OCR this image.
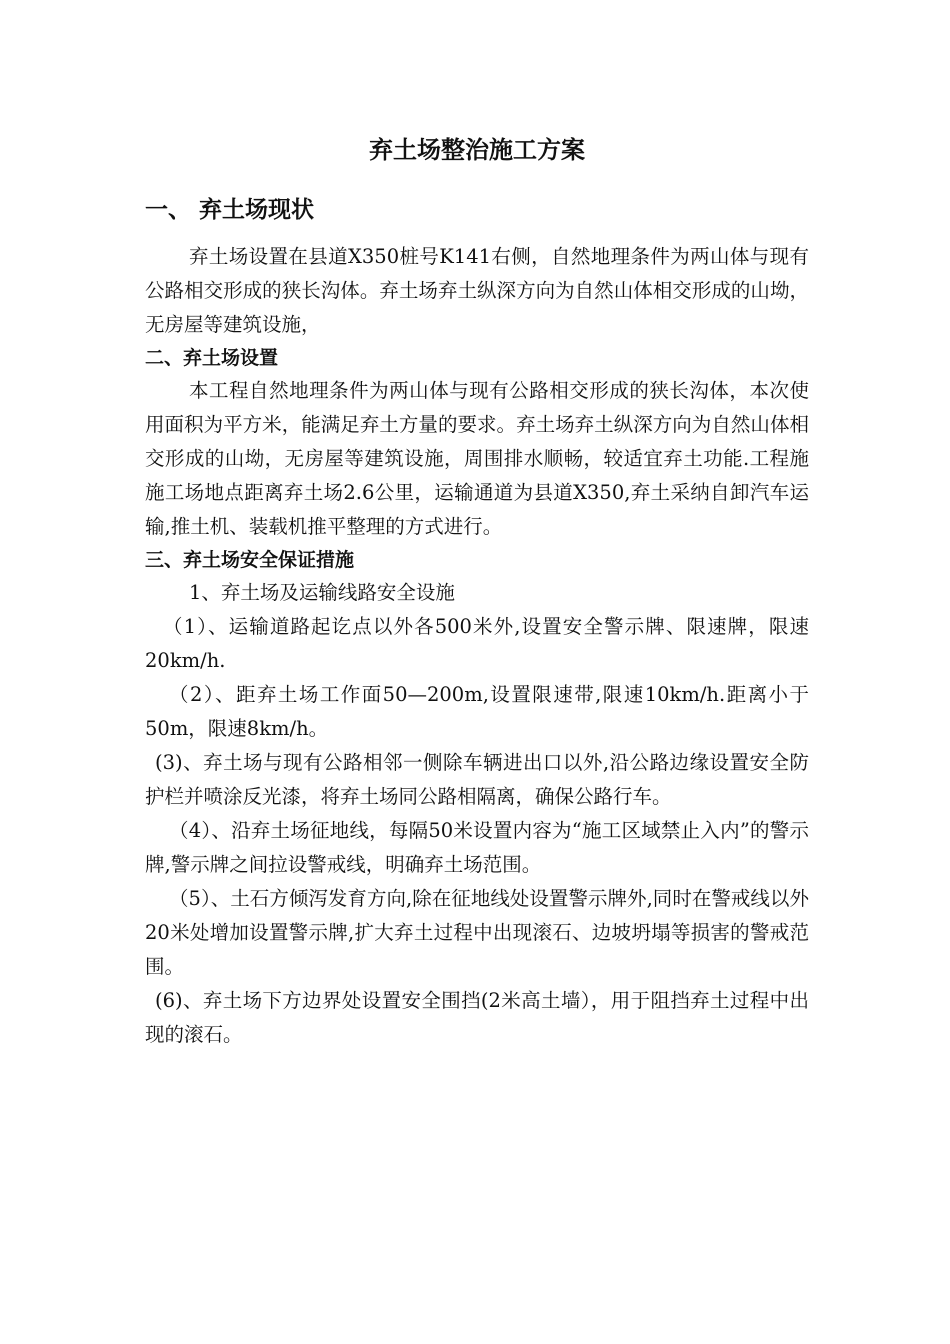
弃土场整治施工方案
一、 弃土场现状

弃土场设置在县道X350桩号K141右侧，自然地理条件为两山体与现有公路相交形成的狭长沟体。弃土场弃土纵深方向为自然山体相交形成的山坳，无房屋等建筑设施，

二、弃土场设置

本工程自然地理条件为两山体与现有公路相交形成的狭长沟体，本次使用面积为平方米，能满足弃土方量的要求。弃土场弃土纵深方向为自然山体相交形成的山坳，无房屋等建筑设施，周围排水顺畅，较适宜弃土功能.工程施施工场地点距离弃土场2.6公里，运输通道为县道X350,弃土采纳自卸汽车运输,推土机、装载机推平整理的方式进行。

三、弃土场安全保证措施

1、弃土场及运输线路安全设施

（1）、运输道路起讫点以外各500米外,设置安全警示牌、限速牌，限速20km/h.

（2）、距弃土场工作面50—200m,设置限速带,限速10km/h.距离小于50m，限速8km/h。

(3)、弃土场与现有公路相邻一侧除车辆进出口以外,沿公路边缘设置安全防护栏并喷涂反光漆，将弃土场同公路相隔离，确保公路行车。

（4）、沿弃土场征地线，每隔50米设置内容为“施工区域禁止入内”的警示牌,警示牌之间拉设警戒线，明确弃土场范围。

（5）、土石方倾泻发育方向,除在征地线处设置警示牌外,同时在警戒线以外20米处增加设置警示牌,扩大弃土过程中出现滚石、边坡坍塌等损害的警戒范围。

(6)、弃土场下方边界处设置安全围挡(2米高土墙），用于阻挡弃土过程中出现的滚石。
